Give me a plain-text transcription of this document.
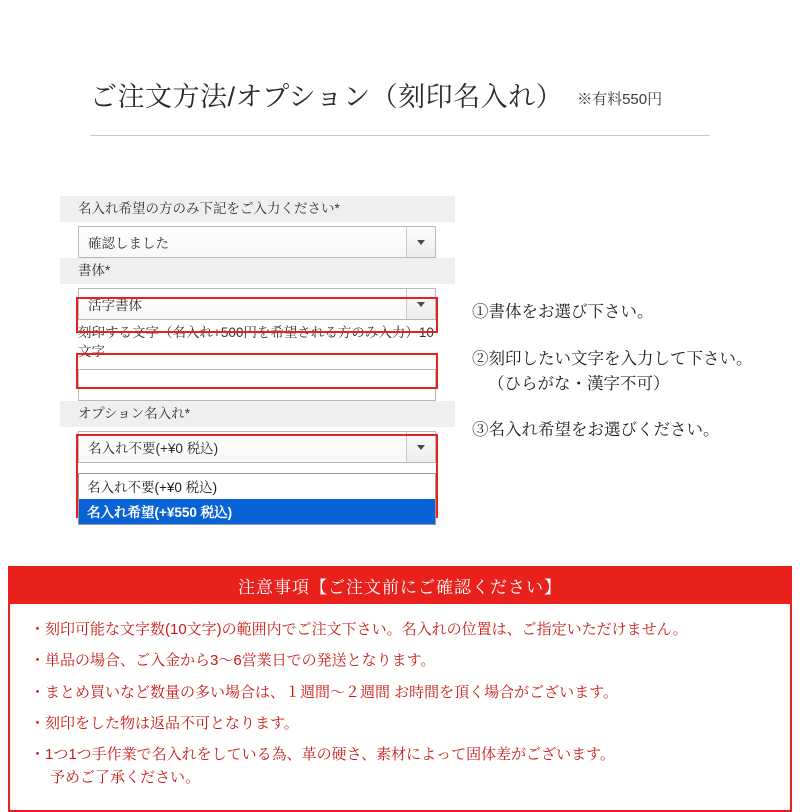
ご注文方法/オプション（刻印名入れ） ※有料550円
名入れ希望の方のみ下記をご入力ください*
確認しました
書体*
活字書体
刻印する文字（名入れ+500円を希望される方のみ入力）10文字
オプション名入れ*
名入れ不要(+¥0 税込)
名入れ不要(+¥0 税込)
名入れ希望(+¥550 税込)
①書体をお選び下さい。
②刻印したい文字を入力して下さい。
（ひらがな・漢字不可）
③名入れ希望をお選びください。
注意事項【ご注文前にご確認ください】
・刻印可能な文字数(10文字)の範囲内でご注文下さい。名入れの位置は、ご指定いただけません。
・単品の場合、ご入金から3～6営業日での発送となります。
・まとめ買いなど数量の多い場合は、１週間～２週間 お時間を頂く場合がございます。
・刻印をした物は返品不可となります。
・1つ1つ手作業で名入れをしている為、革の硬さ、素材によって固体差がございます。
予めご了承ください。
